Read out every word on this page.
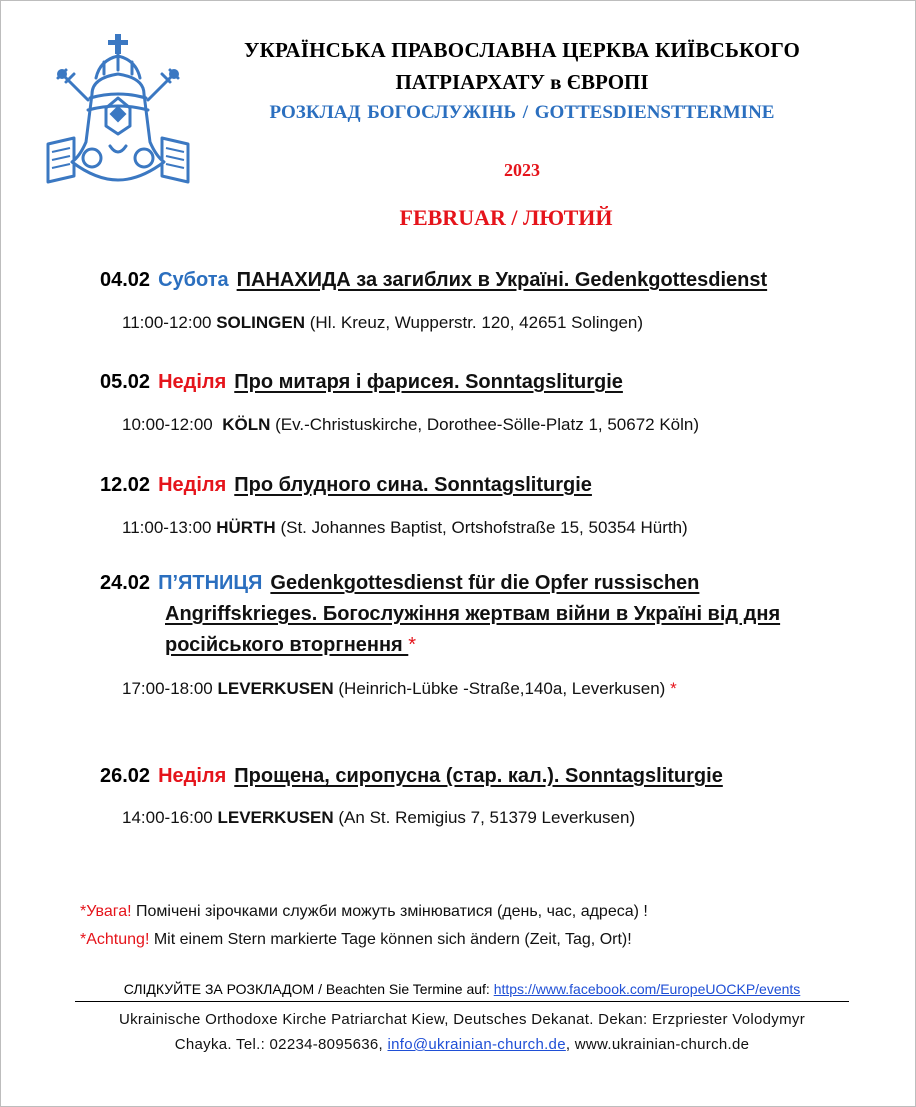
УКРАЇНСЬКА ПРАВОСЛАВНА ЦЕРКВА КИЇВСЬКОГО
ПАТРІАРХАТУ в ЄВРОПІ
РОЗКЛАД БОГОСЛУЖІНЬ / GOTTESDIENSTTERMINE
2023
FEBRUAR / ЛЮТИЙ
04.02 Субота ПАНАХИДА за загиблих в Україні. Gedenkgottesdienst
11:00-12:00 SOLINGEN (Hl. Kreuz, Wupperstr. 120, 42651 Solingen)
05.02 Неділя Про митаря і фарисея. Sonntagsliturgie
10:00-12:00 KÖLN (Ev.-Christuskirche, Dorothee-Sölle-Platz 1, 50672 Köln)
12.02 Неділя Про блудного сина. Sonntagsliturgie
11:00-13:00 HÜRTH (St. Johannes Baptist, Ortshofstraße 15, 50354 Hürth)
24.02 П’ЯТНИЦЯ Gedenkgottesdienst für die Opfer russischen
Angriffskrieges. Богослужіння жертвам війни в Україні від дня
російського вторгнення *
17:00-18:00 LEVERKUSEN (Heinrich-Lübke -Straße,140a, Leverkusen) *
26.02 Неділя Прощена, сиропусна (стар. кал.). Sonntagsliturgie
14:00-16:00 LEVERKUSEN (An St. Remigius 7, 51379 Leverkusen)
*Увага! Помічені зірочками служби можуть змінюватися (день, час, адреса) !
*Achtung! Mit einem Stern markierte Tage können sich ändern (Zeit, Tag, Ort)!
СЛІДКУЙТЕ ЗА РОЗКЛАДОМ / Beachten Sie Termine auf: https://www.facebook.com/EuropeUOCKP/events
Ukrainische Orthodoxe Kirche Patriarchat Kiew, Deutsches Dekanat. Dekan: Erzpriester Volodymyr
Chayka. Tel.: 02234-8095636, info@ukrainian-church.de, www.ukrainian-church.de
